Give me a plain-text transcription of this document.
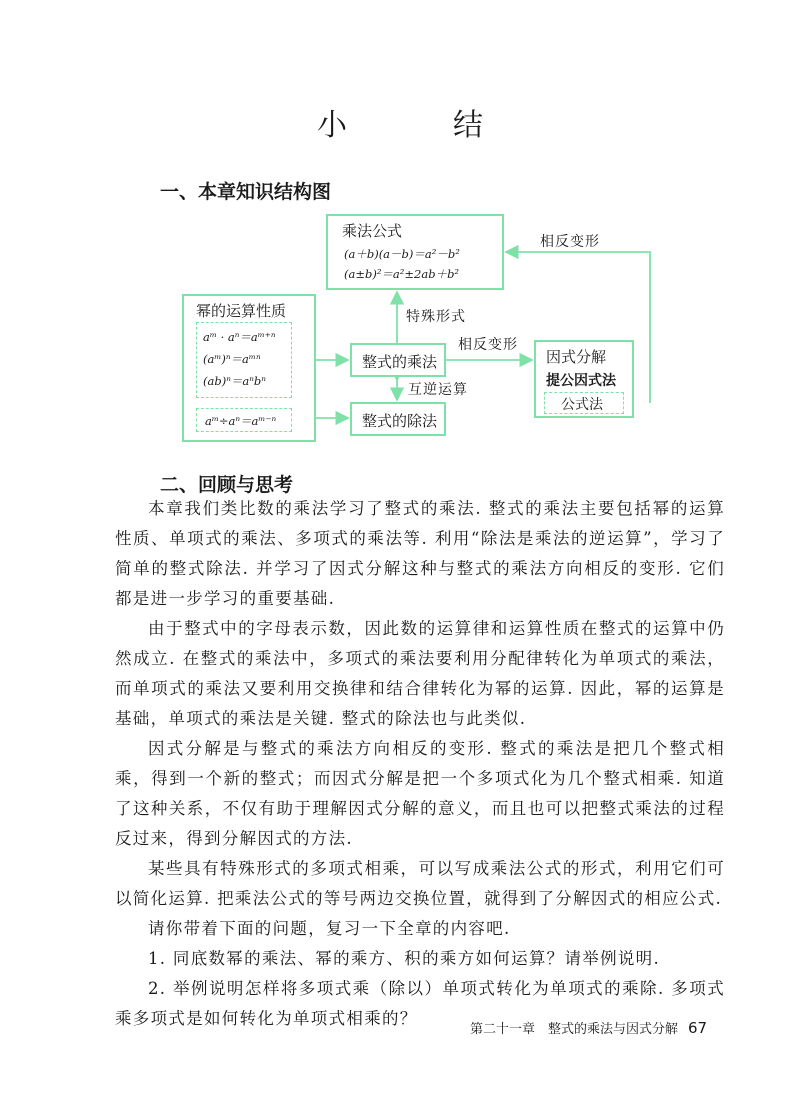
小　结
一、本章知识结构图
乘法公式
(a＋b)(a－b)＝a²－b²
(a±b)²＝a²±2ab＋b²
幂的运算性质
aᵐ · aⁿ＝aᵐ⁺ⁿ
(aᵐ)ⁿ＝aᵐⁿ
(ab)ⁿ＝aⁿbⁿ
aᵐ÷aⁿ＝aᵐ⁻ⁿ
整式的乘法
整式的除法
因式分解
提公因式法
公式法
特殊形式
相反变形
相反变形
互逆运算
二、回顾与思考

本章我们类比数的乘法学习了整式的乘法. 整式的乘法主要包括幂的运算性质、单项式的乘法、多项式的乘法等. 利用“除法是乘法的逆运算”，学习了简单的整式除法. 并学习了因式分解这种与整式的乘法方向相反的变形. 它们都是进一步学习的重要基础.

由于整式中的字母表示数，因此数的运算律和运算性质在整式的运算中仍然成立. 在整式的乘法中，多项式的乘法要利用分配律转化为单项式的乘法，而单项式的乘法又要利用交换律和结合律转化为幂的运算. 因此，幂的运算是基础，单项式的乘法是关键. 整式的除法也与此类似.

因式分解是与整式的乘法方向相反的变形. 整式的乘法是把几个整式相乘，得到一个新的整式；而因式分解是把一个多项式化为几个整式相乘. 知道了这种关系，不仅有助于理解因式分解的意义，而且也可以把整式乘法的过程反过来，得到分解因式的方法.

某些具有特殊形式的多项式相乘，可以写成乘法公式的形式，利用它们可以简化运算. 把乘法公式的等号两边交换位置，就得到了分解因式的相应公式.

请你带着下面的问题，复习一下全章的内容吧.

1. 同底数幂的乘法、幂的乘方、积的乘方如何运算？请举例说明.

2. 举例说明怎样将多项式乘（除以）单项式转化为单项式的乘除. 多项式乘多项式是如何转化为单项式相乘的？

第二十一章　整式的乘法与因式分解 67
